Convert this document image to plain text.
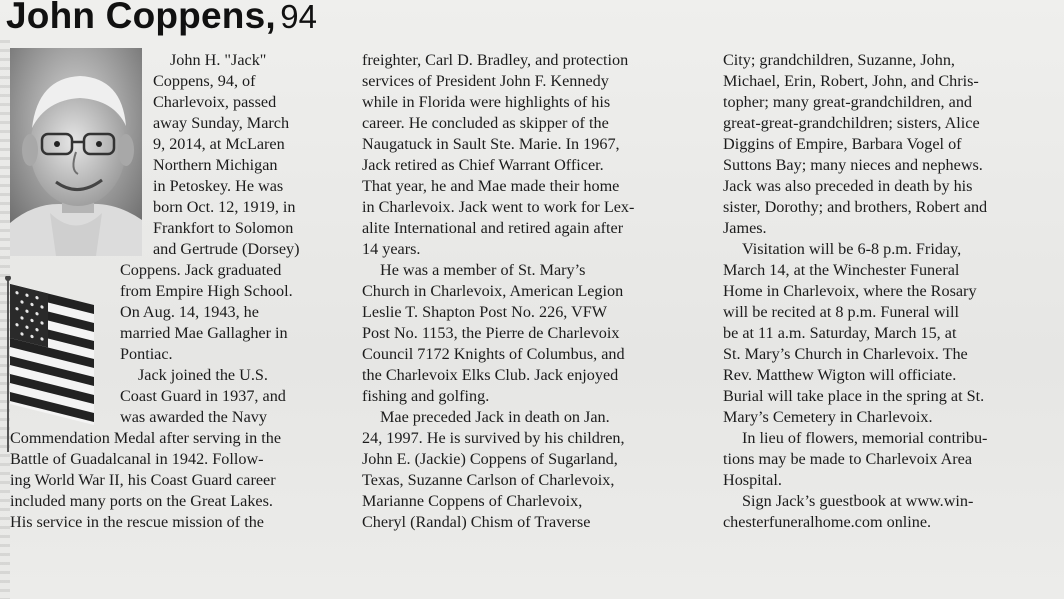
John Coppens, 94
John H. "Jack"
Coppens, 94, of
Charlevoix, passed
away Sunday, March
9, 2014, at McLaren
Northern Michigan
in Petoskey. He was
born Oct. 12, 1919, in
Frankfort to Solomon
and Gertrude (Dorsey)
Coppens. Jack graduated
from Empire High School.
On Aug. 14, 1943, he
married Mae Gallagher in
Pontiac.
Jack joined the U.S.
Coast Guard in 1937, and
was awarded the Navy
Commendation Medal after serving in the
Battle of Guadalcanal in 1942. Follow-
ing World War II, his Coast Guard career
included many ports on the Great Lakes.
His service in the rescue mission of the
freighter, Carl D. Bradley, and protection
services of President John F. Kennedy
while in Florida were highlights of his
career. He concluded as skipper of the
Naugatuck in Sault Ste. Marie. In 1967,
Jack retired as Chief Warrant Officer.
That year, he and Mae made their home
in Charlevoix. Jack went to work for Lex-
alite International and retired again after
14 years.
He was a member of St. Mary’s
Church in Charlevoix, American Legion
Leslie T. Shapton Post No. 226, VFW
Post No. 1153, the Pierre de Charlevoix
Council 7172 Knights of Columbus, and
the Charlevoix Elks Club. Jack enjoyed
fishing and golfing.
Mae preceded Jack in death on Jan.
24, 1997. He is survived by his children,
John E. (Jackie) Coppens of Sugarland,
Texas, Suzanne Carlson of Charlevoix,
Marianne Coppens of Charlevoix,
Cheryl (Randal) Chism of Traverse
City; grandchildren, Suzanne, John,
Michael, Erin, Robert, John, and Chris-
topher; many great-grandchildren, and
great-great-grandchildren; sisters, Alice
Diggins of Empire, Barbara Vogel of
Suttons Bay; many nieces and nephews.
Jack was also preceded in death by his
sister, Dorothy; and brothers, Robert and
James.
Visitation will be 6-8 p.m. Friday,
March 14, at the Winchester Funeral
Home in Charlevoix, where the Rosary
will be recited at 8 p.m. Funeral will
be at 11 a.m. Saturday, March 15, at
St. Mary’s Church in Charlevoix. The
Rev. Matthew Wigton will officiate.
Burial will take place in the spring at St.
Mary’s Cemetery in Charlevoix.
In lieu of flowers, memorial contribu-
tions may be made to Charlevoix Area
Hospital.
Sign Jack’s guestbook at www.win-
chesterfuneralhome.com online.
